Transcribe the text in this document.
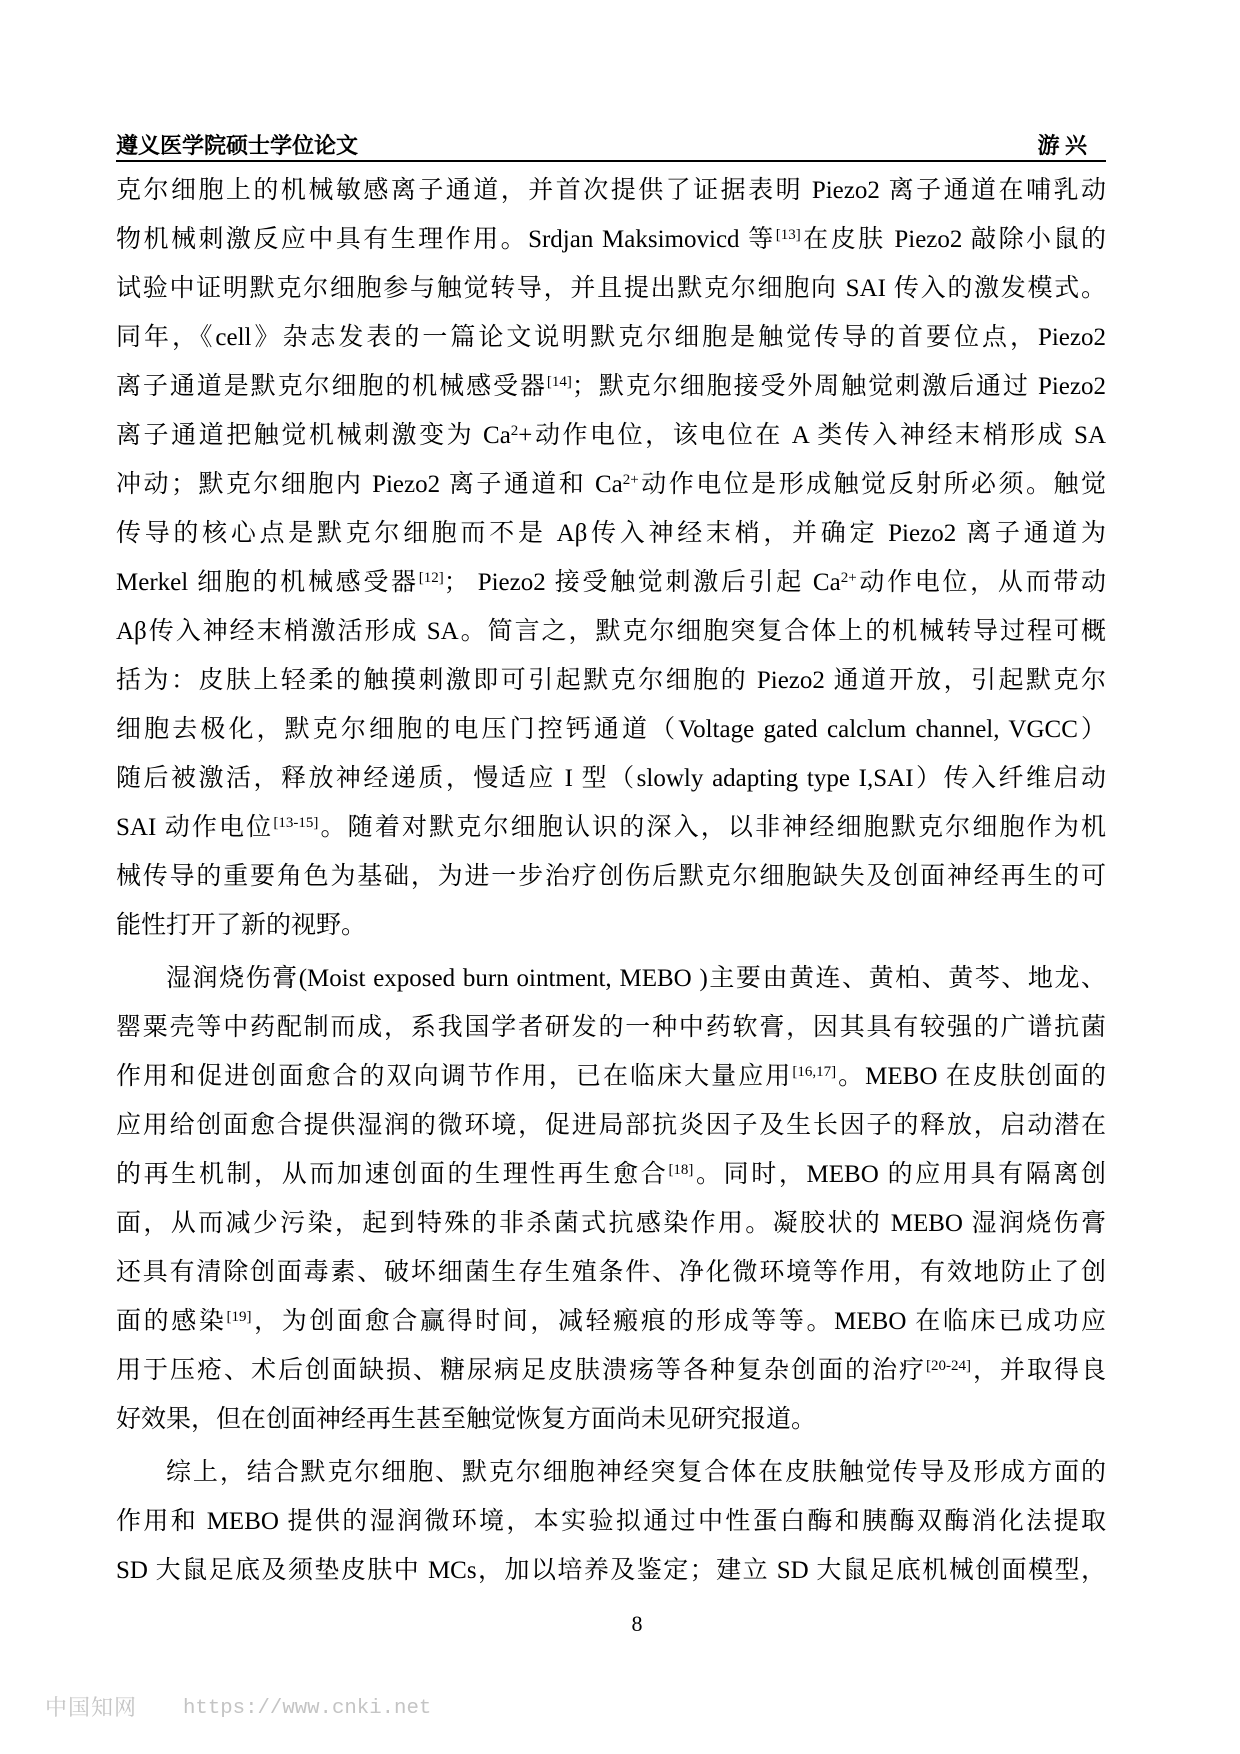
遵义医学院硕士学位论文	游 兴

克尔细胞上的机械敏感离子通道，并首次提供了证据表明 Piezo2 离子通道在哺乳动
物机械刺激反应中具有生理作用。Srdjan Maksimovicd 等[13]在皮肤 Piezo2 敲除小鼠的
试验中证明默克尔细胞参与触觉转导，并且提出默克尔细胞向 SAI 传入的激发模式。
同年，《cell》杂志发表的一篇论文说明默克尔细胞是触觉传导的首要位点，Piezo2
离子通道是默克尔细胞的机械感受器[14]；默克尔细胞接受外周触觉刺激后通过 Piezo2
离子通道把触觉机械刺激变为 $Ca^2+$动作电位，该电位在 A 类传入神经末梢形成 SA
冲动；默克尔细胞内 Piezo2 离子通道和 $Ca^{2+}$动作电位是形成触觉反射所必须。触觉
传导的核心点是默克尔细胞而不是 Aβ传入神经末梢，并确定 Piezo2 离子通道为
Merkel 细胞的机械感受器[12]； Piezo2 接受触觉刺激后引起 $Ca^{2+}$动作电位，从而带动
Aβ传入神经末梢激活形成 SA。简言之，默克尔细胞突复合体上的机械转导过程可概
括为：皮肤上轻柔的触摸刺激即可引起默克尔细胞的 Piezo2 通道开放，引起默克尔
细胞去极化，默克尔细胞的电压门控钙通道（Voltage gated calclum channel, VGCC）
随后被激活，释放神经递质，慢适应 I 型（slowly adapting type I,SAI）传入纤维启动
SAI 动作电位[13-15]。随着对默克尔细胞认识的深入，以非神经细胞默克尔细胞作为机
械传导的重要角色为基础，为进一步治疗创伤后默克尔细胞缺失及创面神经再生的可
能性打开了新的视野。

湿润烧伤膏(Moist exposed burn ointment, MEBO )主要由黄连、黄柏、黄芩、地龙、
罂粟壳等中药配制而成，系我国学者研发的一种中药软膏，因其具有较强的广谱抗菌
作用和促进创面愈合的双向调节作用，已在临床大量应用[16,17]。MEBO 在皮肤创面的
应用给创面愈合提供湿润的微环境，促进局部抗炎因子及生长因子的释放，启动潜在
的再生机制，从而加速创面的生理性再生愈合[18]。同时，MEBO 的应用具有隔离创
面，从而减少污染，起到特殊的非杀菌式抗感染作用。凝胶状的 MEBO 湿润烧伤膏
还具有清除创面毒素、破坏细菌生存生殖条件、净化微环境等作用，有效地防止了创
面的感染[19]，为创面愈合赢得时间，减轻瘢痕的形成等等。MEBO 在临床已成功应
用于压疮、术后创面缺损、糖尿病足皮肤溃疡等各种复杂创面的治疗[20-24]，并取得良
好效果，但在创面神经再生甚至触觉恢复方面尚未见研究报道。

综上，结合默克尔细胞、默克尔细胞神经突复合体在皮肤触觉传导及形成方面的
作用和 MEBO 提供的湿润微环境，本实验拟通过中性蛋白酶和胰酶双酶消化法提取
SD 大鼠足底及须垫皮肤中 MCs，加以培养及鉴定；建立 SD 大鼠足底机械创面模型，

8
中国知网 https://www.cnki.net
